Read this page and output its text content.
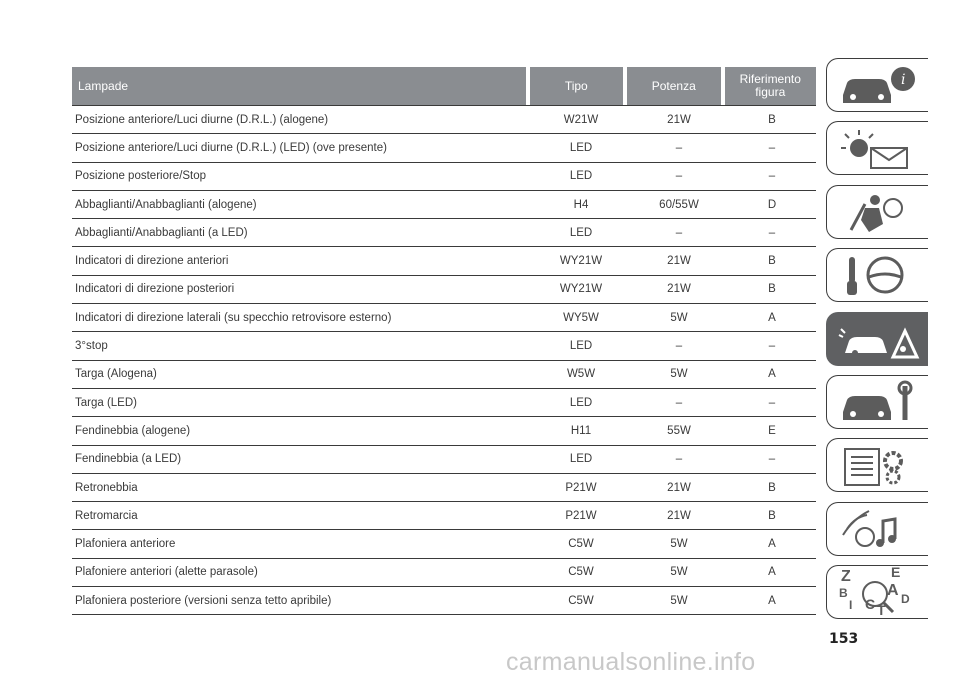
Lampade	Tipo	Potenza	Riferimento
figura
Posizione anteriore/Luci diurne (D.R.L.) (alogene)	W21W	21W	B
Posizione anteriore/Luci diurne (D.R.L.) (LED) (ove presente)	LED	–	–
Posizione posteriore/Stop	LED	–	–
Abbaglianti/Anabbaglianti (alogene)	H4	60/55W	D
Abbaglianti/Anabbaglianti (a LED)	LED	–	–
Indicatori di direzione anteriori	WY21W	21W	B
Indicatori di direzione posteriori	WY21W	21W	B
Indicatori di direzione laterali (su specchio retrovisore esterno)	WY5W	5W	A
3°stop	LED	–	–
Targa (Alogena)	W5W	5W	A
Targa (LED)	LED	–	–
Fendinebbia (alogene)	H11	55W	E
Fendinebbia (a LED)	LED	–	–
Retronebbia	P21W	21W	B
Retromarcia	P21W	21W	B
Plafoniera anteriore	C5W	5W	A
Plafoniere anteriori (alette parasole)	C5W	5W	A
Plafoniera posteriore (versioni senza tetto apribile)	C5W	5W	A
i
Z	E
B A
I C D
T
153
carmanualsonline.info
